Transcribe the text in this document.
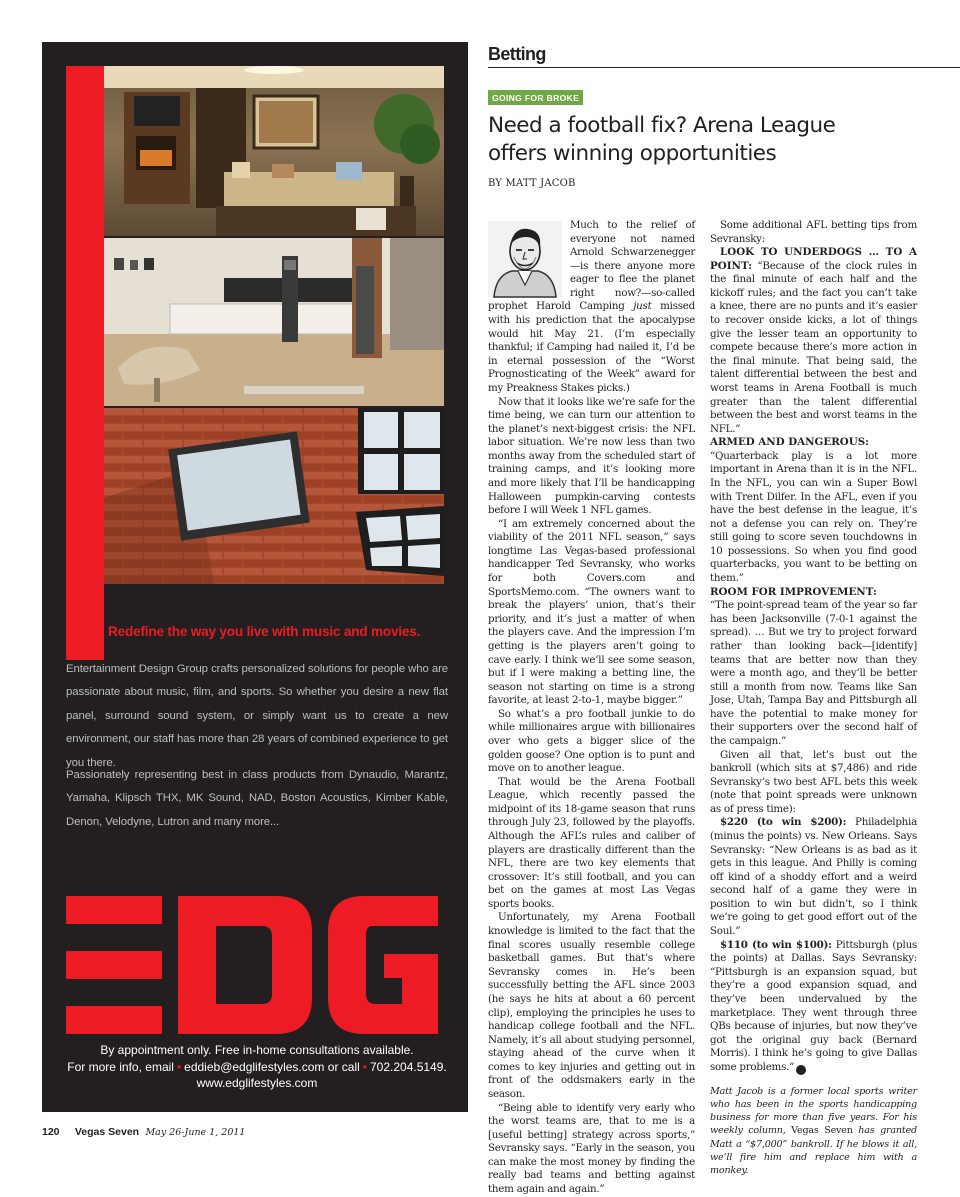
Redefine the way you live with music and movies.

Entertainment Design Group crafts personalized solutions for people who are passionate about music, film, and sports. So whether you desire a new flat panel, surround sound system, or simply want us to create a new environment, our staff has more than 28 years of combined experience to get you there.

Passionately representing best in class products from Dynaudio, Marantz, Yamaha, Klipsch THX, MK Sound, NAD, Boston Acoustics, Kimber Kable, Denon, Velodyne, Lutron and many more...

By appointment only. Free in-home consultations available.
For more info, email • eddieb@edglifestyles.com or call • 702.204.5149.
www.edglifestyles.com
120 Vegas Seven May 26-June 1, 2011
Betting
GOING FOR BROKE
Need a football fix? Arena League
offers winning opportunities
BY MATT JACOB

Much to the relief of everyone not named Arnold Schwarzenegger—is there anyone more eager to flee the planet right now?—so-called prophet Harold Camping just missed with his prediction that the apocalypse would hit May 21. (I’m especially thankful; if Camping had nailed it, I’d be in eternal possession of the “Worst Prognosticating of the Week” award for my Preakness Stakes picks.)

Now that it looks like we’re safe for the time being, we can turn our attention to the planet’s next-biggest crisis: the NFL labor situation. We’re now less than two months away from the scheduled start of training camps, and it’s looking more and more likely that I’ll be handicapping Halloween pumpkin-carving contests before I will Week 1 NFL games.

“I am extremely concerned about the viability of the 2011 NFL season,” says longtime Las Vegas-based professional handicapper Ted Sevransky, who works for both Covers.com and SportsMemo.com. “The owners want to break the players’ union, that’s their priority, and it’s just a matter of when the players cave. And the impression I’m getting is the players aren’t going to cave early. I think we’ll see some season, but if I were making a betting line, the season not starting on time is a strong favorite, at least 2-to-1, maybe bigger.”

So what’s a pro football junkie to do while millionaires argue with billionaires over who gets a bigger slice of the golden goose? One option is to punt and move on to another league.

That would be the Arena Football League, which recently passed the midpoint of its 18-game season that runs through July 23, followed by the playoffs. Although the AFL’s rules and caliber of players are drastically different than the NFL, there are two key elements that crossover: It’s still football, and you can bet on the games at most Las Vegas sports books.

Unfortunately, my Arena Football knowledge is limited to the fact that the final scores usually resemble college basketball games. But that’s where Sevransky comes in. He’s been successfully betting the AFL since 2003 (he says he hits at about a 60 percent clip), employing the principles he uses to handicap college football and the NFL. Namely, it’s all about studying personnel, staying ahead of the curve when it comes to key injuries and getting out in front of the oddsmakers early in the season.

“Being able to identify very early who the worst teams are, that to me is a [useful betting] strategy across sports,” Sevransky says. “Early in the season, you can make the most money by finding the really bad teams and betting against them again and again.”

Some additional AFL betting tips from Sevransky:

LOOK TO UNDERDOGS … TO A POINT: “Because of the clock rules in the final minute of each half and the kickoff rules; and the fact you can’t take a knee, there are no punts and it’s easier to recover onside kicks, a lot of things give the lesser team an opportunity to compete because there’s more action in the final minute. That being said, the talent differential between the best and worst teams in Arena Football is much greater than the talent differential between the best and worst teams in the NFL.”

ARMED AND DANGEROUS:

“Quarterback play is a lot more important in Arena than it is in the NFL. In the NFL, you can win a Super Bowl with Trent Dilfer. In the AFL, even if you have the best defense in the league, it’s not a defense you can rely on. They’re still going to score seven touchdowns in 10 possessions. So when you find good quarterbacks, you want to be betting on them.”

ROOM FOR IMPROVEMENT:

“The point-spread team of the year so far has been Jacksonville (7-0-1 against the spread). … But we try to project forward rather than looking back—[identify] teams that are better now than they were a month ago, and they’ll be better still a month from now. Teams like San Jose, Utah, Tampa Bay and Pittsburgh all have the potential to make money for their supporters over the second half of the campaign.”

Given all that, let’s bust out the bankroll (which sits at $7,486) and ride Sevransky’s two best AFL bets this week (note that point spreads were unknown as of press time):

$220 (to win $200): Philadelphia (minus the points) vs. New Orleans. Says Sevransky: “New Orleans is as bad as it gets in this league. And Philly is coming off kind of a shoddy effort and a weird second half of a game they were in position to win but didn’t, so I think we’re going to get good effort out of the Soul.”

$110 (to win $100): Pittsburgh (plus the points) at Dallas. Says Sevransky: “Pittsburgh is an expansion squad, but they’re a good expansion squad, and they’ve been undervalued by the marketplace. They went through three QBs because of injuries, but now they’ve got the original guy back (Bernard Morris). I think he’s going to give Dallas some problems.” 7

Matt Jacob is a former local sports writer who has been in the sports handicapping business for more than five years. For his weekly column, Vegas Seven has granted Matt a “$7,000” bankroll. If he blows it all, we’ll fire him and replace him with a monkey.
